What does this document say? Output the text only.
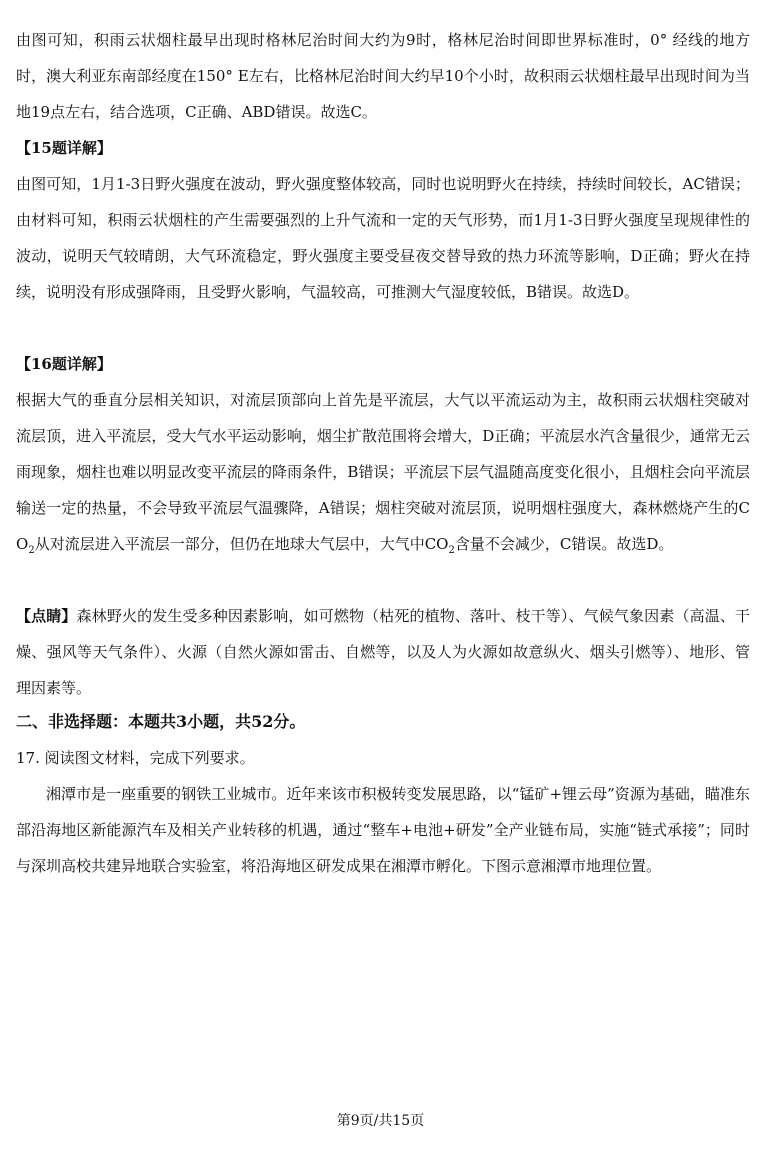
由图可知，积雨云状烟柱最早出现时格林尼治时间大约为9时，格林尼治时间即世界标准时，0° 经线的地方时，澳大利亚东南部经度在150° E左右，比格林尼治时间大约早10个小时，故积雨云状烟柱最早出现时间为当地19点左右，结合选项，C正确、ABD错误。故选C。

【15题详解】

由图可知，1月1-3日野火强度在波动，野火强度整体较高，同时也说明野火在持续，持续时间较长，AC错误；由材料可知，积雨云状烟柱的产生需要强烈的上升气流和一定的天气形势，而1月1-3日野火强度呈现规律性的波动，说明天气较晴朗，大气环流稳定，野火强度主要受昼夜交替导致的热力环流等影响，D正确；野火在持续，说明没有形成强降雨，且受野火影响，气温较高，可推测大气湿度较低，B错误。故选D。

【16题详解】

根据大气的垂直分层相关知识，对流层顶部向上首先是平流层，大气以平流运动为主，故积雨云状烟柱突破对流层顶，进入平流层，受大气水平运动影响，烟尘扩散范围将会增大，D正确；平流层水汽含量很少，通常无云雨现象，烟柱也难以明显改变平流层的降雨条件，B错误；平流层下层气温随高度变化很小，且烟柱会向平流层输送一定的热量，不会导致平流层气温骤降，A错误；烟柱突破对流层顶，说明烟柱强度大，森林燃烧产生的$CO_2$从对流层进入平流层一部分，但仍在地球大气层中，大气中$CO_2$含量不会减少，C错误。故选D。

【点睛】森林野火的发生受多种因素影响，如可燃物（枯死的植物、落叶、枝干等）、气候气象因素（高温、干燥、强风等天气条件）、火源（自然火源如雷击、自燃等，以及人为火源如故意纵火、烟头引燃等）、地形、管理因素等。

二、非选择题：本题共3小题，共52分。

17. 阅读图文材料，完成下列要求。

湘潭市是一座重要的钢铁工业城市。近年来该市积极转变发展思路，以“锰矿+锂云母”资源为基础，瞄准东部沿海地区新能源汽车及相关产业转移的机遇，通过“整车+电池+研发”全产业链布局，实施“链式承接”；同时与深圳高校共建异地联合实验室，将沿海地区研发成果在湘潭市孵化。下图示意湘潭市地理位置。

第9页/共15页
